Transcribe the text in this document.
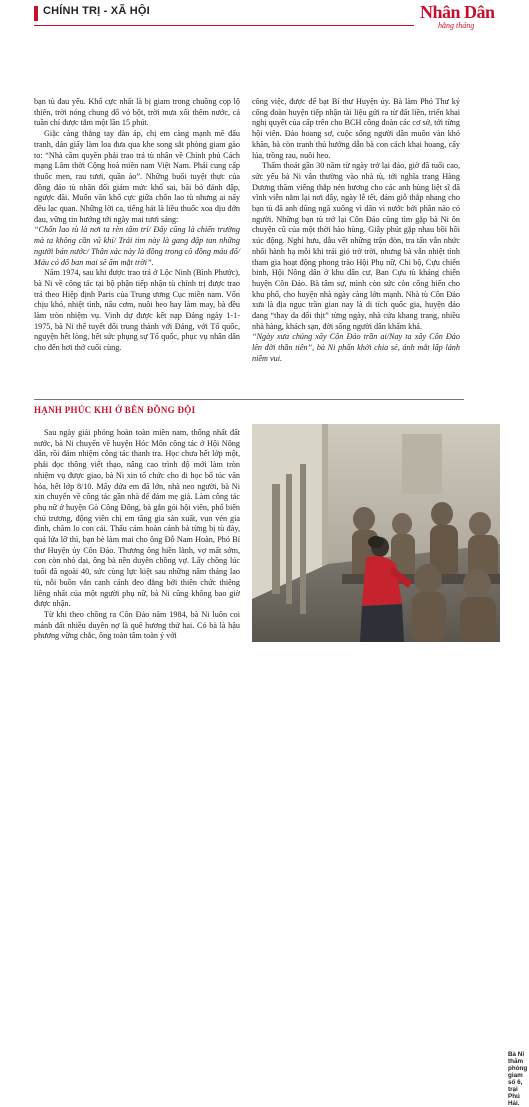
CHÍNH TRỊ - XÃ HỘI	Nhân Dân
hằng tháng

bạn tù đau yếu. Khổ cực nhất là bị giam trong chuồng cọp lộ thiên, trời nóng chung đổ vỏ bột, trời mưa xối thêm nước, cả tuần chỉ được tắm một lần 15 phút.

Giặc càng thẳng tay đàn áp, chị em càng mạnh mẽ đấu tranh, dán giấy làm loa đưa qua khe song sắt phòng giam gào to: “Nhà cầm quyền phải trao trả tù nhân về Chính phủ Cách mạng Lâm thời Cộng hoà miền nam Việt Nam. Phải cung cấp thuốc men, rau tươi, quần áo”. Những buổi tuyệt thực của đồng đảo tù nhân đối giảm mức khổ sai, bãi bỏ đánh đập, ngược đãi. Muốn văn khổ cực giữa chốn lao tù nhưng ai nấy đều lạc quan. Những lời ca, tiếng hát là liều thuốc xoa dịu đớn đau, vững tin hướng tới ngày mai tươi sáng:

“Chốn lao tù là nơi ta rèn tâm trí/ Đây cũng là chiến trường mà ta không cần vũ khí/ Trải tim này là gang đập tan những người bán nước/ Thân xác này là đồng trong cõ đồng máu đổ/ Máu có đổ ban mai sẽ ấm mặt trời”.

Năm 1974, sau khi được trao trả ở Lộc Ninh (Bình Phước), bà Ni về công tác tại bộ phận tiếp nhận tù chính trị được trao trả theo Hiệp định Paris của Trung ương Cục miền nam. Vốn chịu khó, nhiệt tình, nấu cơm, nuôi heo hay làm may, bà đều làm tròn nhiệm vụ. Vinh dự được kết nạp Đảng ngày 1-1-1975, bà Ni thể tuyết đối trung thành với Đảng, với Tổ quốc, nguyện hết lòng, hết sức phụng sự Tổ quốc, phục vụ nhân dân cho đến hơi thở cuối cùng.

công việc, được để bạt Bí thư Huyện ủy. Bà làm Phó Thư ký công đoàn huyện tiếp nhận tài liệu gửi ra từ đất liền, triển khai nghị quyết của cấp trên cho BCH công đoàn các cơ sở, tới từng hội viên. Đảo hoang sơ, cuộc sống người dân muôn vàn khó khăn, bà còn tranh thủ hướng dẫn bà con cách khai hoang, cấy lúa, trồng rau, nuôi heo.

Thấm thoát gần 30 năm từ ngày trở lại đảo, giờ đã tuổi cao, sức yếu bà Ni vẫn thường vào nhà tù, tới nghĩa trang Hàng Dương thăm viếng thắp nén hương cho các anh hùng liệt sĩ đã vĩnh viễn nằm lại nơi đây, ngày lễ tết, đám giỗ thắp nhang cho bạn tù đã anh dũng ngã xuống vì dân vì nước bởi phần nào có người. Những bạn tù trở lại Côn Đảo cũng tìm gặp bà Ni ôn chuyện cũ của một thời hào hùng. Giây phút gặp nhau bồi hồi xúc động. Nghỉ hưu, dẫu vết những trận đòn, tra tấn vẫn nhức nhối hành hạ mỗi khi trái gió trở trời, nhưng bà vẫn nhiệt tình tham gia hoạt động phong trào Hội Phụ nữ, Chi bộ, Cựu chiến binh, Hội Nông dân ở khu dân cư, Ban Cựu tù kháng chiến huyện Côn Đảo. Bà tâm sự, mình còn sức còn cống hiến cho khu phố, cho huyện nhà ngày càng lớn mạnh. Nhà tù Côn Đảo xưa là địa ngục trần gian nay là di tích quốc gia, huyện đảo đang “thay da đổi thịt” từng ngày, nhà cửa khang trang, nhiều nhà hàng, khách sạn, đời sống người dân khấm khá.

“Ngày xưa chúng xây Côn Đảo trần ai/Nay ta xây Côn Đảo lên đời thần tiên”, bà Ni phấn khởi chia sẻ, ánh mắt lấp lánh niềm vui.

HẠNH PHÚC KHI Ở BÊN ĐỒNG ĐỘI

Sau ngày giải phóng hoàn toàn miền nam, thống nhất đất nước, bà Ni chuyển về huyện Hóc Môn công tác ở Hội Nông dân, rồi đảm nhiệm công tác thanh tra. Học chưa hết lớp một, phải đọc thông viết thạo, nâng cao trình độ mới làm tròn nhiệm vụ được giao, bà Ni xin tổ chức cho đi học bổ túc văn hóa, hết lớp 8/10. Mấy đứa em đã lớn, nhà neo người, bà Ni xin chuyển về công tác gần nhà để đảm mẹ già. Làm công tác phụ nữ ở huyện Gò Công Đông, bà gắn gói hội viên, phổ biến chủ trương, động viên chị em tăng gia sản xuất, vun vén gia đình, chăm lo con cái. Thấu cảm hoàn cảnh bà từng bị tù đày, quá lứa lỡ thì, bạn bè làm mai cho ông Đỗ Nam Hoàn, Phó Bí thư Huyện ủy Côn Đảo. Thương ông hiền lành, vợ mất sớm, con còn nhỏ dại, ông bà nên duyên chồng vợ. Lấy chồng lúc tuổi đã ngoài 40, sức cùng lực kiệt sau những năm tháng lao tù, nỗi buồn vắn canh cánh đeo đẳng bởi thiên chức thiêng liêng nhất của một người phụ nữ, bà Ni cũng không bao giờ được nhận.

Từ khi theo chồng ra Côn Đảo năm 1984, bà Ni luôn coi mảnh đất nhiều duyên nợ là quê hương thứ hai. Có bà là hậu phương vững chắc, ông toàn tâm toàn ý với

Bà Ni thăm phòng giam số 6, trại Phú Hải.
